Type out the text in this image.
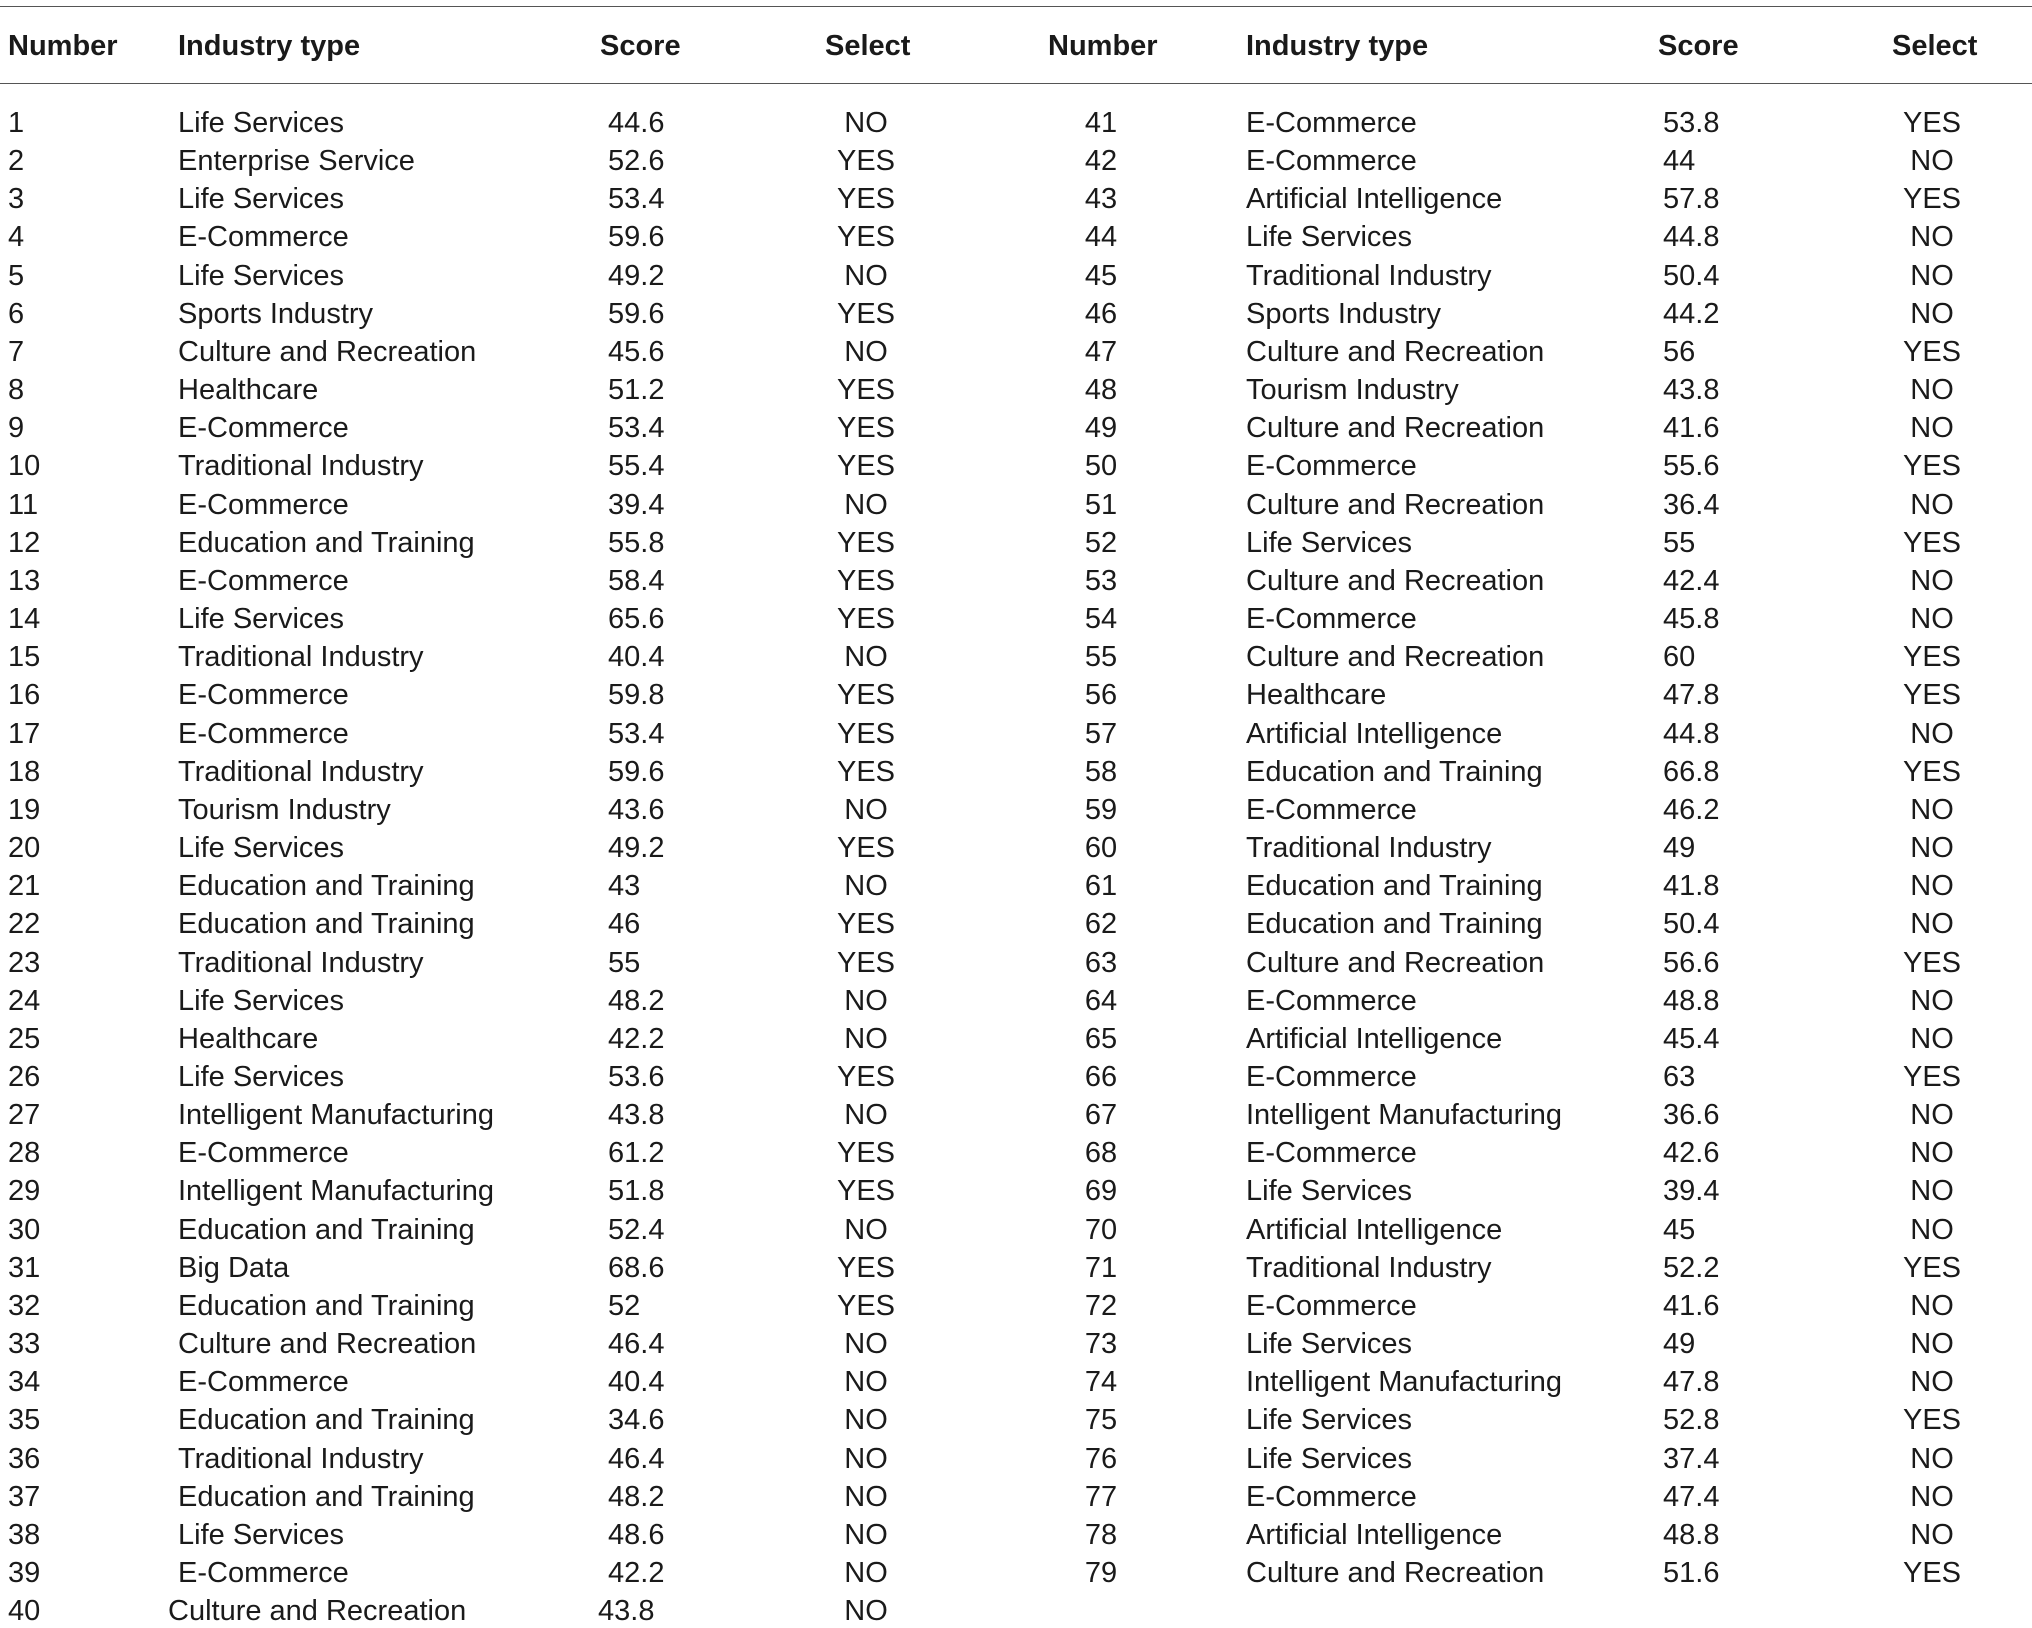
Number Industry type	Score	Select	Number	Industry type	Score	Select
1	Life Services	44.6	NO
2	Enterprise Service	52.6	YES
3	Life Services	53.4	YES
4	E-Commerce	59.6	YES
5	Life Services	49.2	NO
6	Sports Industry	59.6	YES
7	Culture and Recreation	45.6	NO
8	Healthcare	51.2	YES
9	E-Commerce	53.4	YES
10	Traditional Industry	55.4	YES
11	E-Commerce	39.4	NO
12	Education and Training	55.8	YES
13	E-Commerce	58.4	YES
14	Life Services	65.6	YES
15	Traditional Industry	40.4	NO
16	E-Commerce	59.8	YES
17	E-Commerce	53.4	YES
18	Traditional Industry	59.6	YES
19	Tourism Industry	43.6	NO
20	Life Services	49.2	YES
21	Education and Training	43	NO
22	Education and Training	46	YES
23	Traditional Industry	55	YES
24	Life Services	48.2	NO
25	Healthcare	42.2	NO
26	Life Services	53.6	YES
27	Intelligent Manufacturing	43.8	NO
28	E-Commerce	61.2	YES
29	Intelligent Manufacturing	51.8	YES
30	Education and Training	52.4	NO
31	Big Data	68.6	YES
32	Education and Training	52	YES
33	Culture and Recreation	46.4	NO
34	E-Commerce	40.4	NO
35	Education and Training	34.6	NO
36	Traditional Industry	46.4	NO
37	Education and Training	48.2	NO
38	Life Services	48.6	NO
39	E-Commerce	42.2	NO
40	Culture and Recreation	43.8	NO
41	E-Commerce	53.8	YES
42	E-Commerce	44	NO
43	Artificial Intelligence	57.8	YES
44	Life Services	44.8	NO
45	Traditional Industry	50.4	NO
46	Sports Industry	44.2	NO
47	Culture and Recreation	56	YES
48	Tourism Industry	43.8	NO
49	Culture and Recreation	41.6	NO
50	E-Commerce	55.6	YES
51	Culture and Recreation	36.4	NO
52	Life Services	55	YES
53	Culture and Recreation	42.4	NO
54	E-Commerce	45.8	NO
55	Culture and Recreation	60	YES
56	Healthcare	47.8	YES
57	Artificial Intelligence	44.8	NO
58	Education and Training	66.8	YES
59	E-Commerce	46.2	NO
60	Traditional Industry	49	NO
61	Education and Training	41.8	NO
62	Education and Training	50.4	NO
63	Culture and Recreation	56.6	YES
64	E-Commerce	48.8	NO
65	Artificial Intelligence	45.4	NO
66	E-Commerce	63	YES
67	Intelligent Manufacturing	36.6	NO
68	E-Commerce	42.6	NO
69	Life Services	39.4	NO
70	Artificial Intelligence	45	NO
71	Traditional Industry	52.2	YES
72	E-Commerce	41.6	NO
73	Life Services	49	NO
74	Intelligent Manufacturing	47.8	NO
75	Life Services	52.8	YES
76	Life Services	37.4	NO
77	E-Commerce	47.4	NO
78	Artificial Intelligence	48.8	NO
79	Culture and Recreation	51.6	YES
